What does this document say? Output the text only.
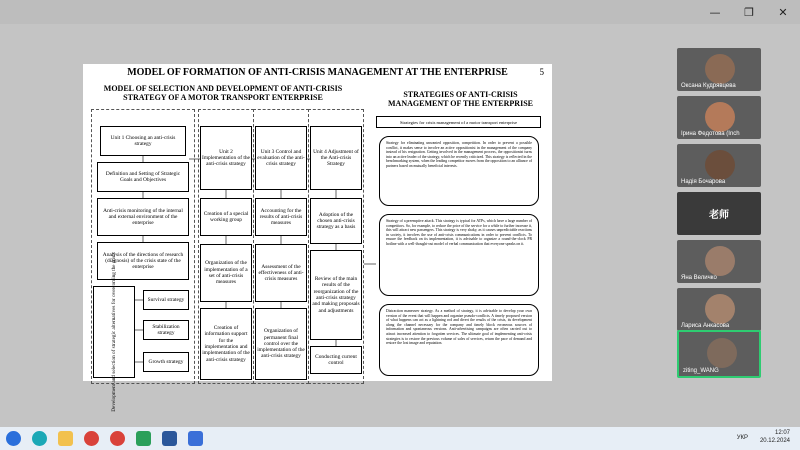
—	❐	✕
MODEL OF FORMATION OF ANTI-CRISIS MANAGEMENT AT THE ENTERPRISE	5
MODEL OF SELECTION AND DEVELOPMENT OF ANTI-CRISIS
STRATEGY OF A MOTOR TRANSPORT ENTERPRISE	STRATEGIES OF ANTI-CRISIS
MANAGEMENT OF THE ENTERPRISE
Unit 1 Choosing an anti-crisis strategy
Definition and Setting of Strategic Goals and Objectives
Anti-crisis monitoring of the internal and external environment of the enterprise
Analysis of the directions of research (diagnosis) of the crisis state of the enterprise
Development and selection of strategic alternatives for overcoming the crisis	Survival strategy
Stabilization strategy
Growth strategy
Unit 2 Implementation of the anti-crisis strategy
Creation of a special working group
Organization of the implementation of a set of anti-crisis measures
Creation of information support for the implementation and implementation of the anti-crisis strategy
Unit 3 Control and evaluation of the anti-crisis strategy
Accounting for the results of anti-crisis measures
Assessment of the effectiveness of anti-crisis measures
Organization of permanent final control over the implementation of the anti-crisis strategy
Unit 4 Adjustment of the Anti-crisis Strategy
Adoption of the chosen anti-crisis strategy as a basis
Review of the main results of the reorganization of the anti-crisis strategy and making proposals and adjustments
Conducting current control
Strategies for crisis management of a motor transport enterprise
Strategy for eliminating unwanted opposition, competition. In order to prevent a possible conflict, it makes sense to involve an active oppositionist in the management of the company instead of his resignation. Getting involved in the management process, the oppositionist turns into an active leader of the strategy, which he recently criticized. This strategy is reflected in the benchmarking system, when the leading competitor moves from the opposition to an alliance of partners based on mutually beneficial interests.
Strategy of a preemptive attack. This strategy is typical for ATPs, which have a large number of competitors. So, for example, to reduce the price of the service for a while to further increase it, this will attract new passengers. This strategy is very shaky, as it causes unpredictable reactions in society, it involves the use of anti-crisis communications in order to prevent conflicts. To ensure the feedback on its implementation, it is advisable to organize a round-the-clock PR hotline with a well-thought-out model of verbal communication that everyone speaks on it.
Distraction maneuver strategy. As a method of strategy, it is advisable to develop your own version of the event that will happen and organize pseudo-conflicts. A timely proposed version of what happens can act as a lightning rod and divert the results of the crisis, its development along the channel necessary for the company and timely block erroneous sources of information and spontaneous versions. Anti-advertising campaigns are often carried out to attract increased attention to forgotten services. The ultimate goal of implementing anti-crisis strategies is to restore the previous volume of sales of services, return the pace of demand and restore the lost image and reputation.
Оксана Кудрявцева
Ірина Федотова (Inch
Надія Бочарова
老师
Яна Величко
Лариса Анкасова
ziting_WANG
УКР
12:07
20.12.2024
